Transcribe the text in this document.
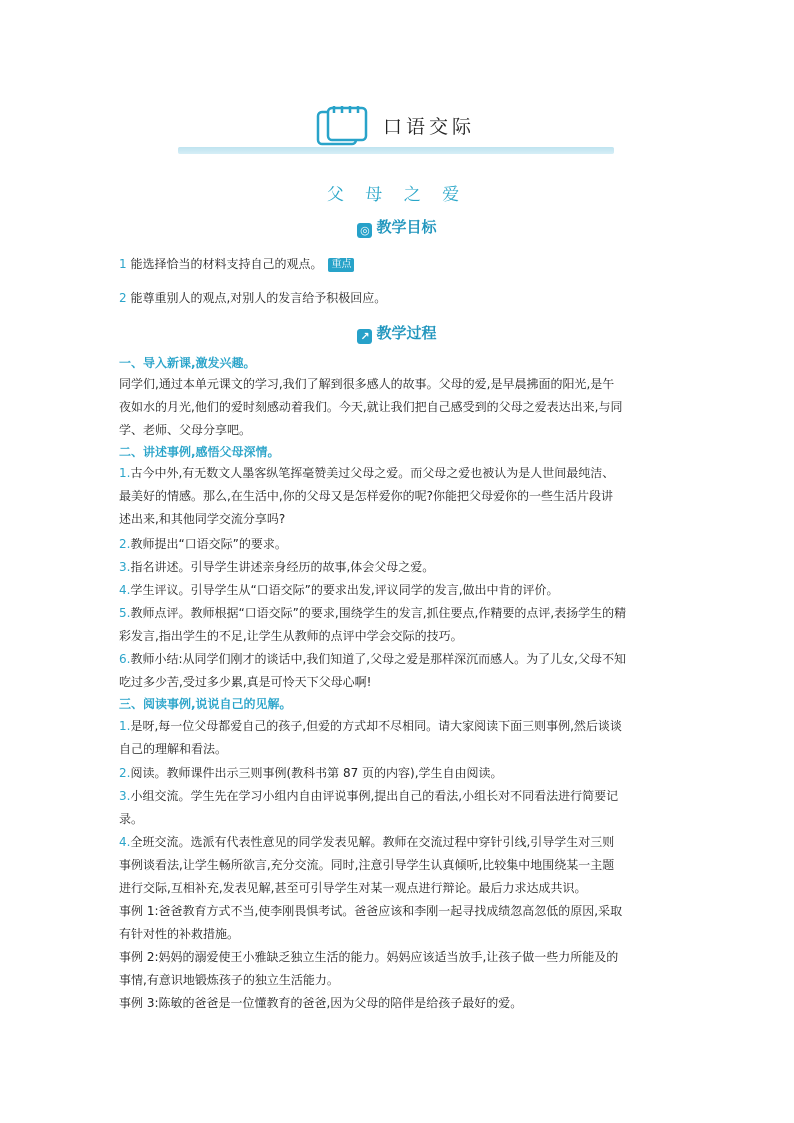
口语交际
父 母 之 爱
◎ 教学目标
1 能选择恰当的材料支持自己的观点。 重点
2 能尊重别人的观点,对别人的发言给予积极回应。
↗ 教学过程
一、导入新课,激发兴趣。
同学们,通过本单元课文的学习,我们了解到很多感人的故事。父母的爱,是早晨拂面的阳光,是午
夜如水的月光,他们的爱时刻感动着我们。今天,就让我们把自己感受到的父母之爱表达出来,与同
学、老师、父母分享吧。
二、讲述事例,感悟父母深情。
1.古今中外,有无数文人墨客纵笔挥毫赞美过父母之爱。而父母之爱也被认为是人世间最纯洁、
最美好的情感。那么,在生活中,你的父母又是怎样爱你的呢?你能把父母爱你的一些生活片段讲
述出来,和其他同学交流分享吗?
2.教师提出“口语交际”的要求。
3.指名讲述。引导学生讲述亲身经历的故事,体会父母之爱。
4.学生评议。引导学生从“口语交际”的要求出发,评议同学的发言,做出中肯的评价。
5.教师点评。教师根据“口语交际”的要求,围绕学生的发言,抓住要点,作精要的点评,表扬学生的精
彩发言,指出学生的不足,让学生从教师的点评中学会交际的技巧。
6.教师小结:从同学们刚才的谈话中,我们知道了,父母之爱是那样深沉而感人。为了儿女,父母不知
吃过多少苦,受过多少累,真是可怜天下父母心啊!
三、阅读事例,说说自己的见解。
1.是呀,每一位父母都爱自己的孩子,但爱的方式却不尽相同。请大家阅读下面三则事例,然后谈谈
自己的理解和看法。
2.阅读。教师课件出示三则事例(教科书第 87 页的内容),学生自由阅读。
3.小组交流。学生先在学习小组内自由评说事例,提出自己的看法,小组长对不同看法进行简要记
录。
4.全班交流。选派有代表性意见的同学发表见解。教师在交流过程中穿针引线,引导学生对三则
事例谈看法,让学生畅所欲言,充分交流。同时,注意引导学生认真倾听,比较集中地围绕某一主题
进行交际,互相补充,发表见解,甚至可引导学生对某一观点进行辩论。最后力求达成共识。
事例 1:爸爸教育方式不当,使李刚畏惧考试。爸爸应该和李刚一起寻找成绩忽高忽低的原因,采取
有针对性的补救措施。
事例 2:妈妈的溺爱使王小雅缺乏独立生活的能力。妈妈应该适当放手,让孩子做一些力所能及的
事情,有意识地锻炼孩子的独立生活能力。
事例 3:陈敏的爸爸是一位懂教育的爸爸,因为父母的陪伴是给孩子最好的爱。
